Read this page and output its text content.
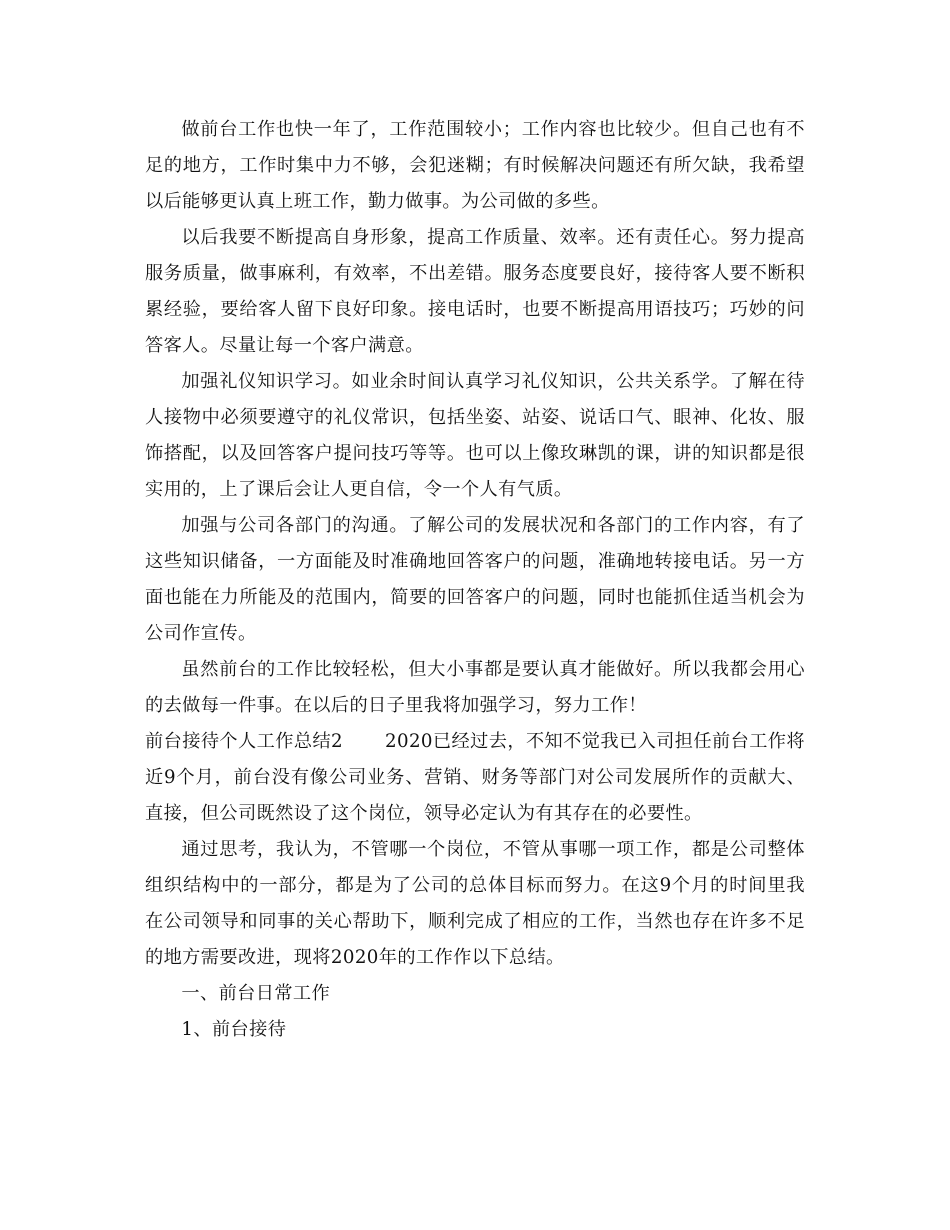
做前台工作也快一年了，工作范围较小；工作内容也比较少。但自己也有不足的地方，工作时集中力不够，会犯迷糊；有时候解决问题还有所欠缺，我希望以后能够更认真上班工作，勤力做事。为公司做的多些。

以后我要不断提高自身形象，提高工作质量、效率。还有责任心。努力提高服务质量，做事麻利，有效率，不出差错。服务态度要良好，接待客人要不断积累经验，要给客人留下良好印象。接电话时，也要不断提高用语技巧；巧妙的问答客人。尽量让每一个客户满意。

加强礼仪知识学习。如业余时间认真学习礼仪知识，公共关系学。了解在待人接物中必须要遵守的礼仪常识，包括坐姿、站姿、说话口气、眼神、化妆、服饰搭配，以及回答客户提问技巧等等。也可以上像玫琳凯的课，讲的知识都是很实用的，上了课后会让人更自信，令一个人有气质。

加强与公司各部门的沟通。了解公司的发展状况和各部门的工作内容，有了这些知识储备，一方面能及时准确地回答客户的问题，准确地转接电话。另一方面也能在力所能及的范围内，简要的回答客户的问题，同时也能抓住适当机会为公司作宣传。

虽然前台的工作比较轻松，但大小事都是要认真才能做好。所以我都会用心的去做每一件事。在以后的日子里我将加强学习，努力工作！

前台接待个人工作总结2 2020已经过去，不知不觉我已入司担任前台工作将近9个月，前台没有像公司业务、营销、财务等部门对公司发展所作的贡献大、直接，但公司既然设了这个岗位，领导必定认为有其存在的必要性。

通过思考，我认为，不管哪一个岗位，不管从事哪一项工作，都是公司整体组织结构中的一部分，都是为了公司的总体目标而努力。在这9个月的时间里我在公司领导和同事的关心帮助下，顺利完成了相应的工作，当然也存在许多不足的地方需要改进，现将2020年的工作作以下总结。

一、前台日常工作

1、前台接待
